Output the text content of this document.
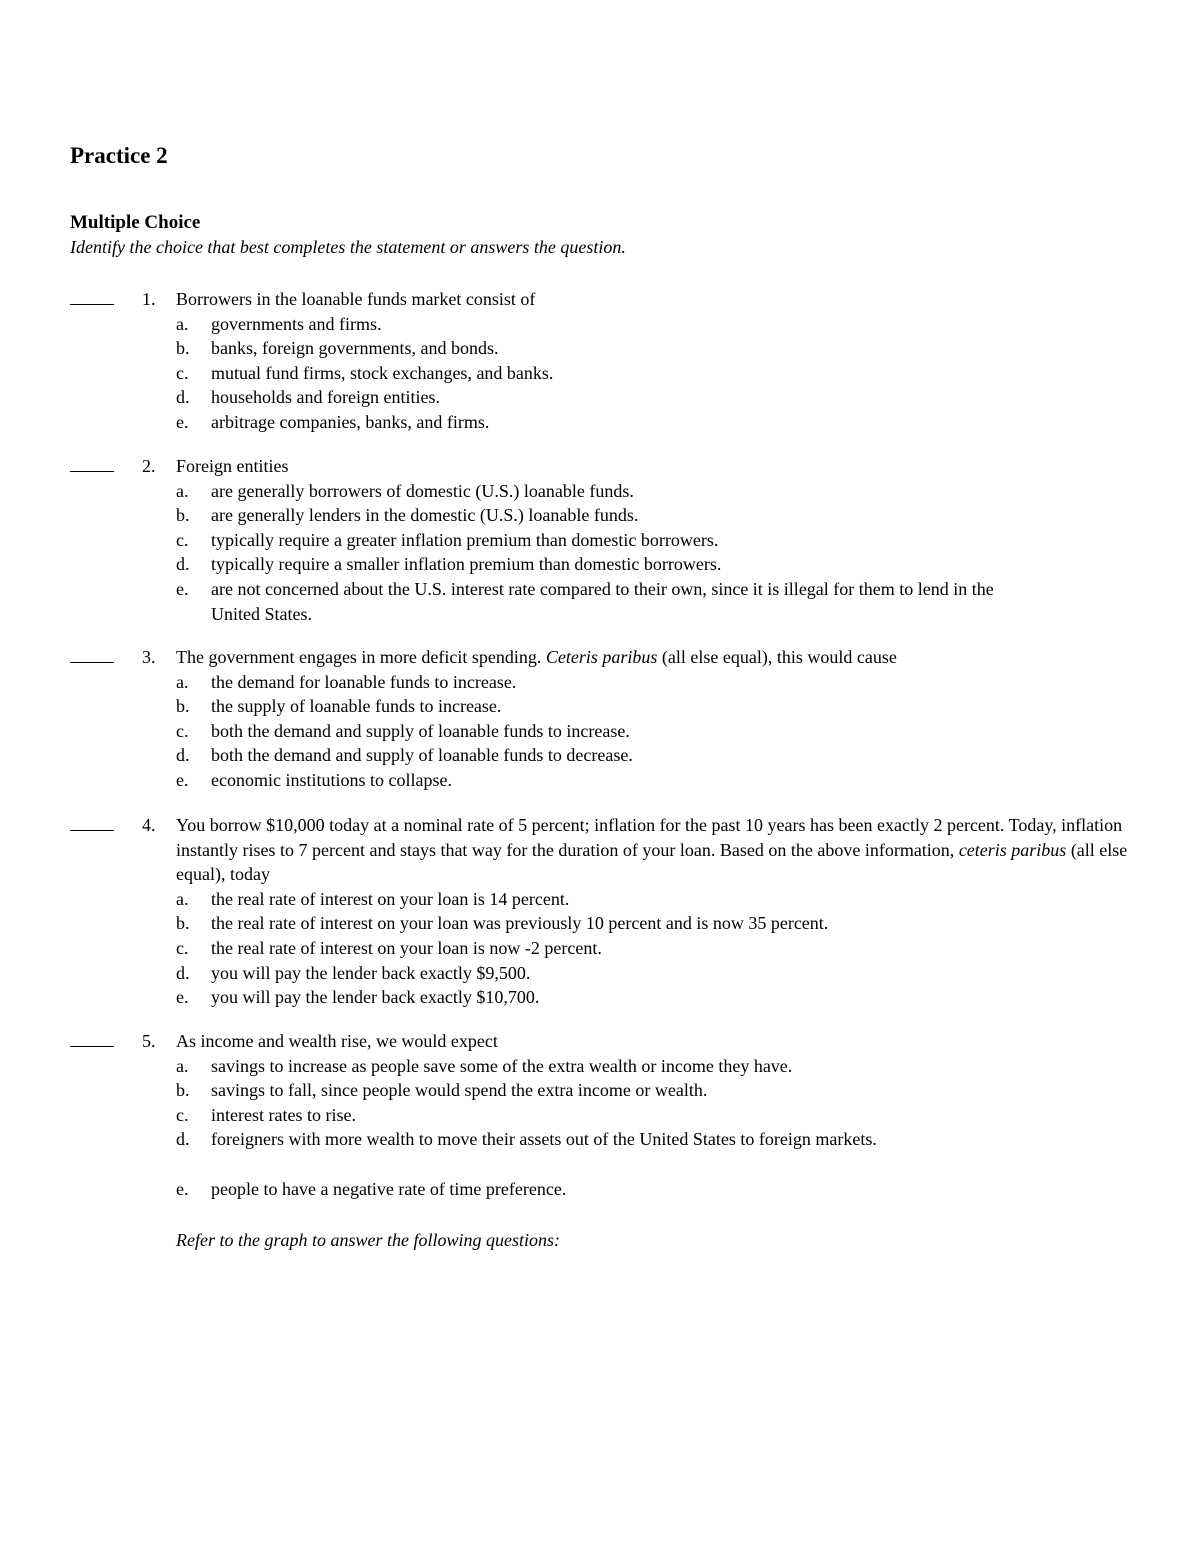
Practice 2
Multiple Choice
Identify the choice that best completes the statement or answers the question.
1. Borrowers in the loanable funds market consist of
a. governments and firms.
b. banks, foreign governments, and bonds.
c. mutual fund firms, stock exchanges, and banks.
d. households and foreign entities.
e. arbitrage companies, banks, and firms.
2. Foreign entities
a. are generally borrowers of domestic (U.S.) loanable funds.
b. are generally lenders in the domestic (U.S.) loanable funds.
c. typically require a greater inflation premium than domestic borrowers.
d. typically require a smaller inflation premium than domestic borrowers.
e. are not concerned about the U.S. interest rate compared to their own, since it is illegal for them to lend in the United States.
3. The government engages in more deficit spending. Ceteris paribus (all else equal), this would cause
a. the demand for loanable funds to increase.
b. the supply of loanable funds to increase.
c. both the demand and supply of loanable funds to increase.
d. both the demand and supply of loanable funds to decrease.
e. economic institutions to collapse.
4. You borrow $10,000 today at a nominal rate of 5 percent; inflation for the past 10 years has been exactly 2 percent. Today, inflation instantly rises to 7 percent and stays that way for the duration of your loan. Based on the above information, ceteris paribus (all else equal), today
a. the real rate of interest on your loan is 14 percent.
b. the real rate of interest on your loan was previously 10 percent and is now 35 percent.
c. the real rate of interest on your loan is now -2 percent.
d. you will pay the lender back exactly $9,500.
e. you will pay the lender back exactly $10,700.
5. As income and wealth rise, we would expect
a. savings to increase as people save some of the extra wealth or income they have.
b. savings to fall, since people would spend the extra income or wealth.
c. interest rates to rise.
d. foreigners with more wealth to move their assets out of the United States to foreign markets.
e. people to have a negative rate of time preference.
Refer to the graph to answer the following questions:
